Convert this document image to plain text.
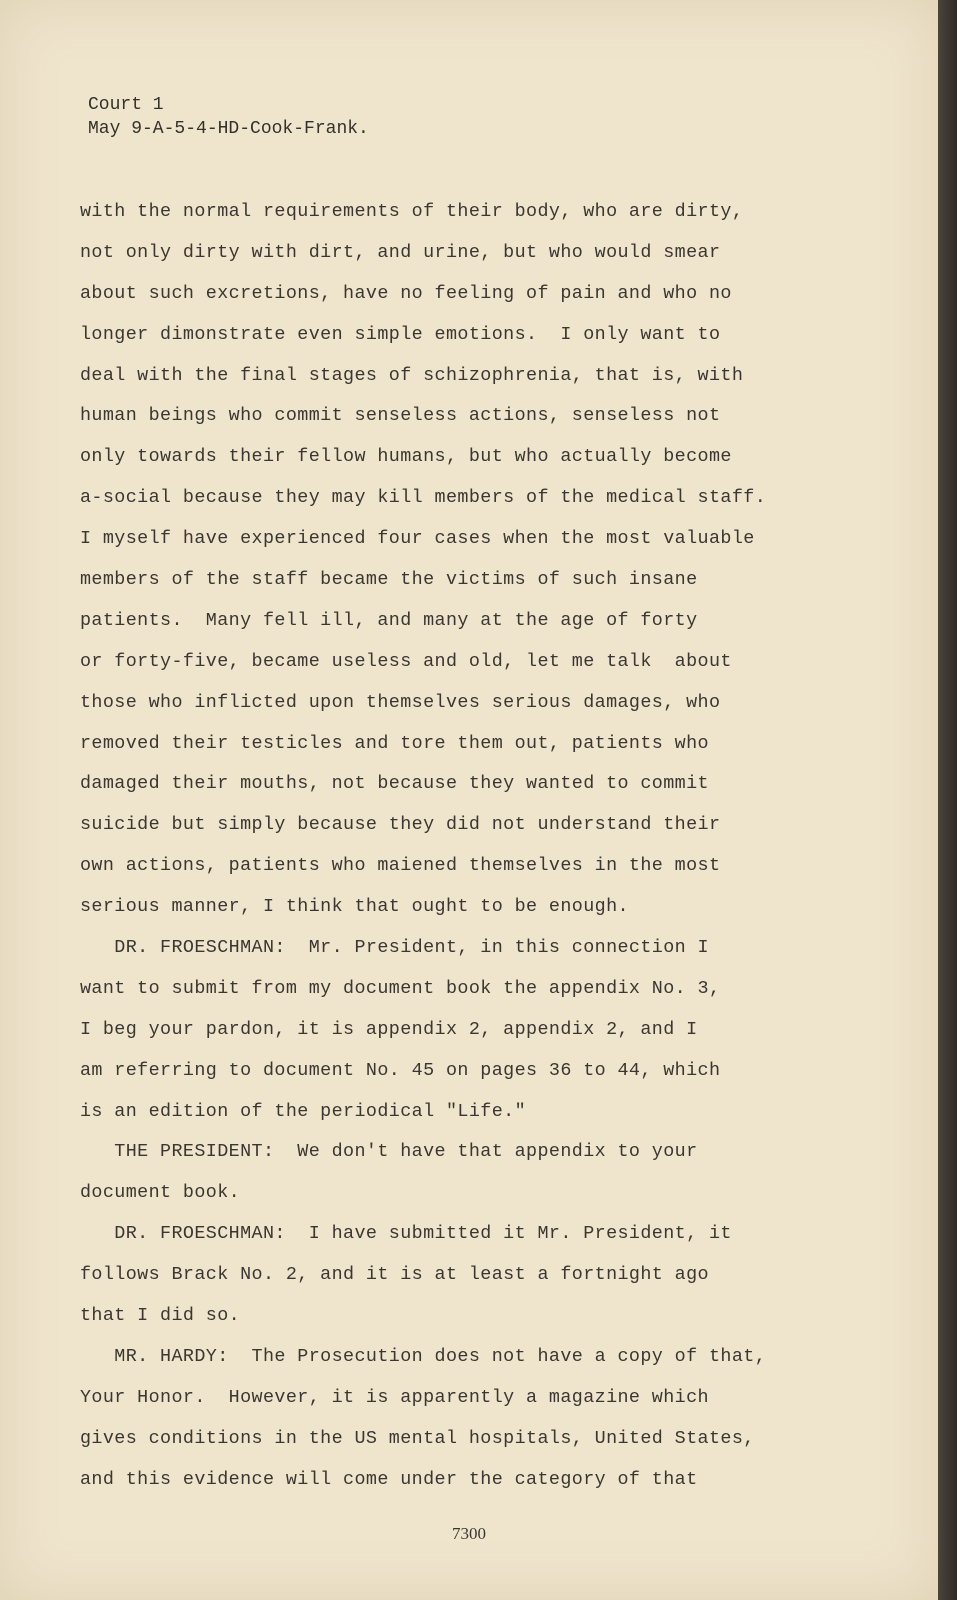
Court 1
May 9-A-5-4-HD-Cook-Frank.
with the normal requirements of their body, who are dirty,
not only dirty with dirt, and urine, but who would smear
about such excretions, have no feeling of pain and who no
longer dimonstrate even simple emotions.  I only want to
deal with the final stages of schizophrenia, that is, with
human beings who commit senseless actions, senseless not
only towards their fellow humans, but who actually become
a-social because they may kill members of the medical staff.
I myself have experienced four cases when the most valuable
members of the staff became the victims of such insane
patients.  Many fell ill, and many at the age of forty
or forty-five, became useless and old, let me talk  about
those who inflicted upon themselves serious damages, who
removed their testicles and tore them out, patients who
damaged their mouths, not because they wanted to commit
suicide but simply because they did not understand their
own actions, patients who maiened themselves in the most
serious manner, I think that ought to be enough.
DR. FROESCHMAN:  Mr. President, in this connection I
want to submit from my document book the appendix No. 3,
I beg your pardon, it is appendix 2, appendix 2, and I
am referring to document No. 45 on pages 36 to 44, which
is an edition of the periodical "Life."
THE PRESIDENT:  We don't have that appendix to your
document book.
DR. FROESCHMAN:  I have submitted it Mr. President, it
follows Brack No. 2, and it is at least a fortnight ago
that I did so.
MR. HARDY:  The Prosecution does not have a copy of that,
Your Honor.  However, it is apparently a magazine which
gives conditions in the US mental hospitals, United States,
and this evidence will come under the category of that
7300
